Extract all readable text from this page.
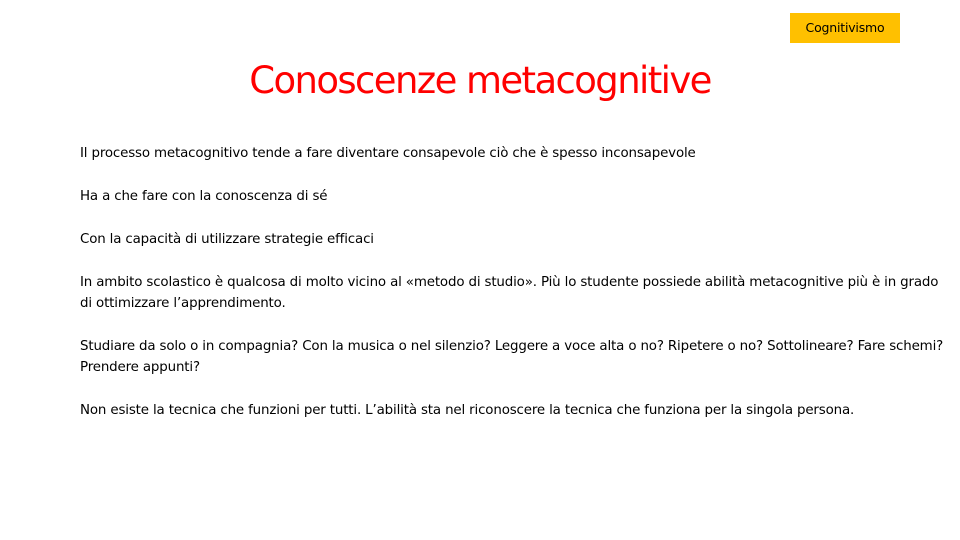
Cognitivismo
Conoscenze metacognitive

Il processo metacognitivo tende a fare diventare consapevole ciò che è spesso inconsapevole

Ha a che fare con la conoscenza di sé

Con la capacità di utilizzare strategie efficaci

In ambito scolastico è qualcosa di molto vicino al «metodo di studio». Più lo studente possiede abilità metacognitive più è in grado di ottimizzare l’apprendimento.

Studiare da solo o in compagnia? Con la musica o nel silenzio? Leggere a voce alta o no? Ripetere o no? Sottolineare? Fare schemi? Prendere appunti?

Non esiste la tecnica che funzioni per tutti. L’abilità sta nel riconoscere la tecnica che funziona per la singola persona.
